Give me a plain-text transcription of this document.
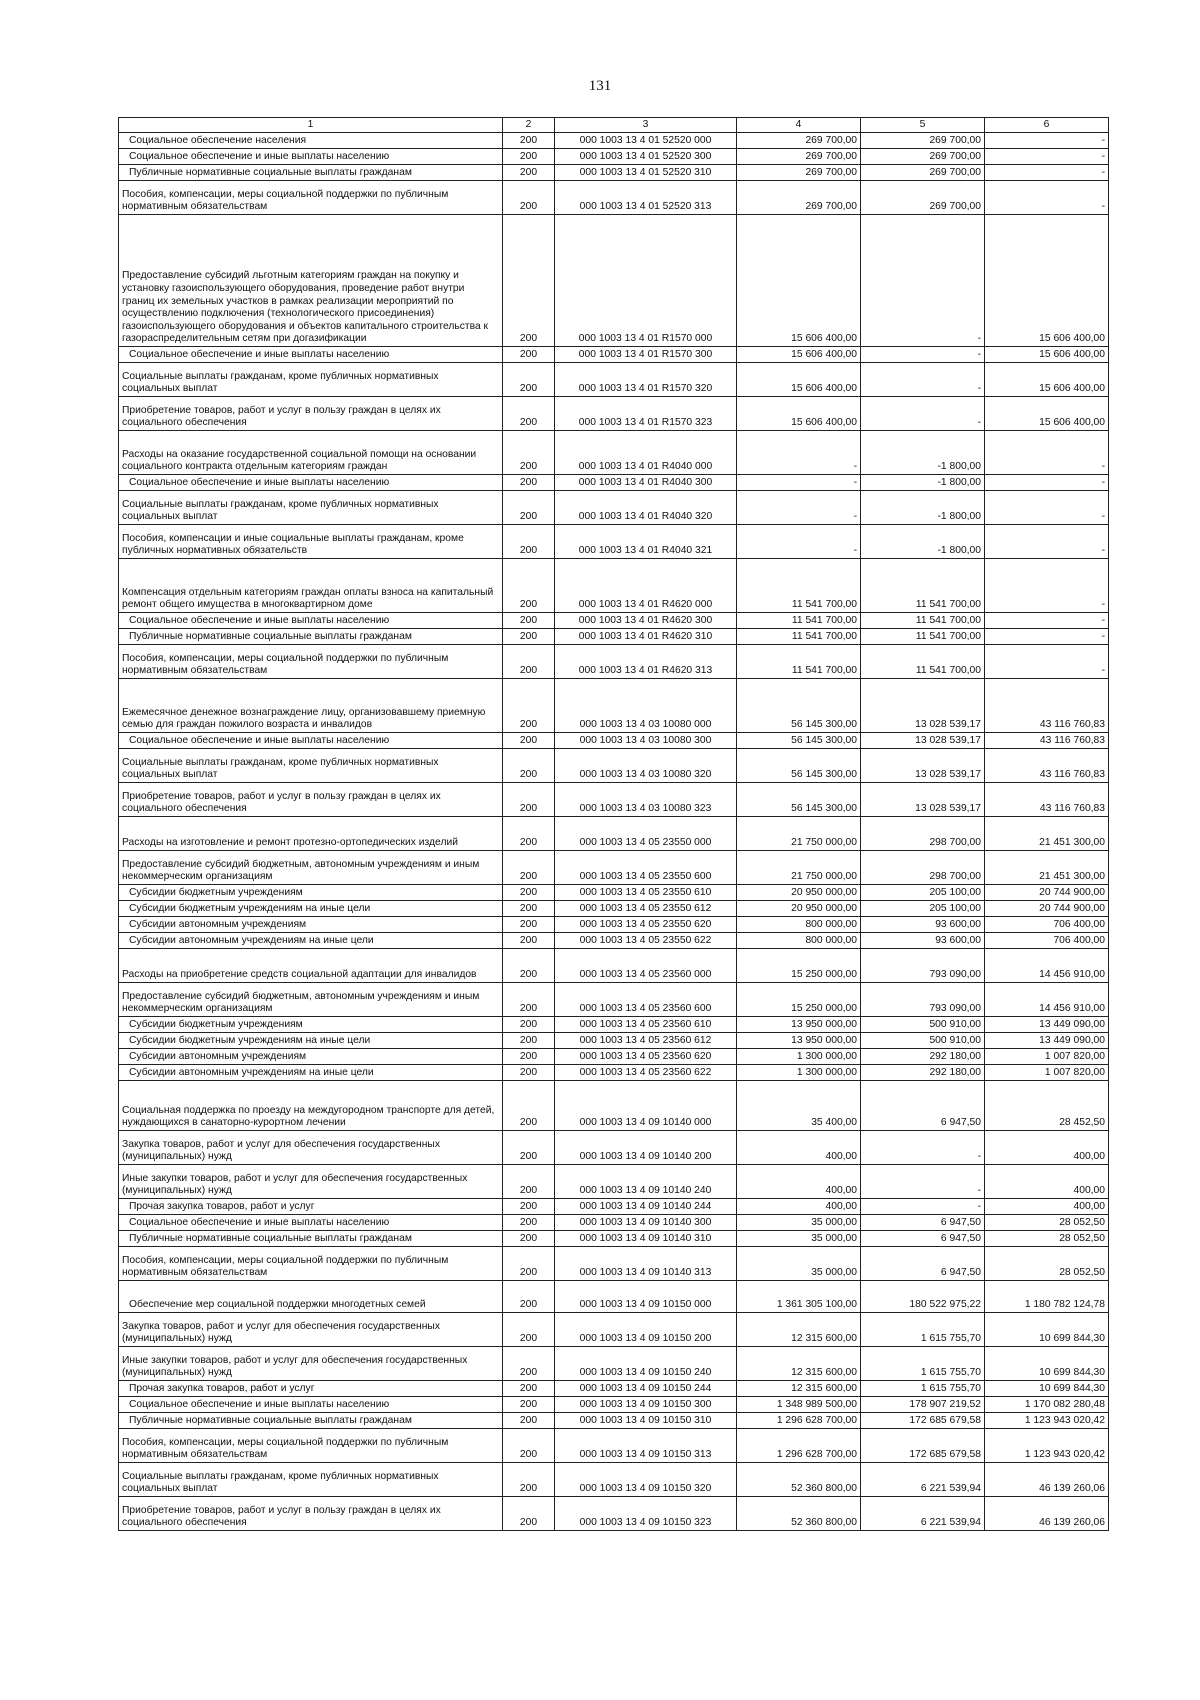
131
1	2	3	4	5	6
Социальное обеспечение населения	200	000 1003 13 4 01 52520 000	269 700,00	269 700,00	-
Социальное обеспечение и иные выплаты населению	200	000 1003 13 4 01 52520 300	269 700,00	269 700,00	-
Публичные нормативные социальные выплаты гражданам	200	000 1003 13 4 01 52520 310	269 700,00	269 700,00	-
Пособия, компенсации, меры социальной поддержки по публичным нормативным обязательствам	200	000 1003 13 4 01 52520 313	269 700,00	269 700,00	-
Предоставление субсидий льготным категориям граждан на покупку и установку газоиспользующего оборудования, проведение работ внутри границ их земельных участков в рамках реализации мероприятий по осуществлению подключения (технологического присоединения) газоиспользующего оборудования и объектов капитального строительства к газораспределительным сетям при догазификации	200	000 1003 13 4 01 R1570 000	15 606 400,00	-	15 606 400,00
Социальное обеспечение и иные выплаты населению	200	000 1003 13 4 01 R1570 300	15 606 400,00	-	15 606 400,00
Социальные выплаты гражданам, кроме публичных нормативных социальных выплат	200	000 1003 13 4 01 R1570 320	15 606 400,00	-	15 606 400,00
Приобретение товаров, работ и услуг в пользу граждан в целях их социального обеспечения	200	000 1003 13 4 01 R1570 323	15 606 400,00	-	15 606 400,00
Расходы на оказание государственной социальной помощи на основании социального контракта отдельным категориям граждан	200	000 1003 13 4 01 R4040 000	-	-1 800,00	-
Социальное обеспечение и иные выплаты населению	200	000 1003 13 4 01 R4040 300	-	-1 800,00	-
Социальные выплаты гражданам, кроме публичных нормативных социальных выплат	200	000 1003 13 4 01 R4040 320	-	-1 800,00	-
Пособия, компенсации и иные социальные выплаты гражданам, кроме публичных нормативных обязательств	200	000 1003 13 4 01 R4040 321	-	-1 800,00	-
Компенсация отдельным категориям граждан оплаты взноса на капитальный ремонт общего имущества в многоквартирном доме	200	000 1003 13 4 01 R4620 000	11 541 700,00	11 541 700,00	-
Социальное обеспечение и иные выплаты населению	200	000 1003 13 4 01 R4620 300	11 541 700,00	11 541 700,00	-
Публичные нормативные социальные выплаты гражданам	200	000 1003 13 4 01 R4620 310	11 541 700,00	11 541 700,00	-
Пособия, компенсации, меры социальной поддержки по публичным нормативным обязательствам	200	000 1003 13 4 01 R4620 313	11 541 700,00	11 541 700,00	-
Ежемесячное денежное вознаграждение лицу, организовавшему приемную семью для граждан пожилого возраста и инвалидов	200	000 1003 13 4 03 10080 000	56 145 300,00	13 028 539,17	43 116 760,83
Социальное обеспечение и иные выплаты населению	200	000 1003 13 4 03 10080 300	56 145 300,00	13 028 539,17	43 116 760,83
Социальные выплаты гражданам, кроме публичных нормативных социальных выплат	200	000 1003 13 4 03 10080 320	56 145 300,00	13 028 539,17	43 116 760,83
Приобретение товаров, работ и услуг в пользу граждан в целях их социального обеспечения	200	000 1003 13 4 03 10080 323	56 145 300,00	13 028 539,17	43 116 760,83
Расходы на изготовление и ремонт протезно-ортопедических изделий	200	000 1003 13 4 05 23550 000	21 750 000,00	298 700,00	21 451 300,00
Предоставление субсидий бюджетным, автономным учреждениям и иным некоммерческим организациям	200	000 1003 13 4 05 23550 600	21 750 000,00	298 700,00	21 451 300,00
Субсидии бюджетным учреждениям	200	000 1003 13 4 05 23550 610	20 950 000,00	205 100,00	20 744 900,00
Субсидии бюджетным учреждениям на иные цели	200	000 1003 13 4 05 23550 612	20 950 000,00	205 100,00	20 744 900,00
Субсидии автономным учреждениям	200	000 1003 13 4 05 23550 620	800 000,00	93 600,00	706 400,00
Субсидии автономным учреждениям на иные цели	200	000 1003 13 4 05 23550 622	800 000,00	93 600,00	706 400,00
Расходы на приобретение средств социальной адаптации для инвалидов	200	000 1003 13 4 05 23560 000	15 250 000,00	793 090,00	14 456 910,00
Предоставление субсидий бюджетным, автономным учреждениям и иным некоммерческим организациям	200	000 1003 13 4 05 23560 600	15 250 000,00	793 090,00	14 456 910,00
Субсидии бюджетным учреждениям	200	000 1003 13 4 05 23560 610	13 950 000,00	500 910,00	13 449 090,00
Субсидии бюджетным учреждениям на иные цели	200	000 1003 13 4 05 23560 612	13 950 000,00	500 910,00	13 449 090,00
Субсидии автономным учреждениям	200	000 1003 13 4 05 23560 620	1 300 000,00	292 180,00	1 007 820,00
Субсидии автономным учреждениям на иные цели	200	000 1003 13 4 05 23560 622	1 300 000,00	292 180,00	1 007 820,00
Социальная поддержка по проезду на междугородном транспорте для детей, нуждающихся в санаторно-курортном лечении	200	000 1003 13 4 09 10140 000	35 400,00	6 947,50	28 452,50
Закупка товаров, работ и услуг для обеспечения государственных (муниципальных) нужд	200	000 1003 13 4 09 10140 200	400,00	-	400,00
Иные закупки товаров, работ и услуг для обеспечения государственных (муниципальных) нужд	200	000 1003 13 4 09 10140 240	400,00	-	400,00
Прочая закупка товаров, работ и услуг	200	000 1003 13 4 09 10140 244	400,00	-	400,00
Социальное обеспечение и иные выплаты населению	200	000 1003 13 4 09 10140 300	35 000,00	6 947,50	28 052,50
Публичные нормативные социальные выплаты гражданам	200	000 1003 13 4 09 10140 310	35 000,00	6 947,50	28 052,50
Пособия, компенсации, меры социальной поддержки по публичным нормативным обязательствам	200	000 1003 13 4 09 10140 313	35 000,00	6 947,50	28 052,50
Обеспечение мер социальной поддержки многодетных семей	200	000 1003 13 4 09 10150 000	1 361 305 100,00	180 522 975,22	1 180 782 124,78
Закупка товаров, работ и услуг для обеспечения государственных (муниципальных) нужд	200	000 1003 13 4 09 10150 200	12 315 600,00	1 615 755,70	10 699 844,30
Иные закупки товаров, работ и услуг для обеспечения государственных (муниципальных) нужд	200	000 1003 13 4 09 10150 240	12 315 600,00	1 615 755,70	10 699 844,30
Прочая закупка товаров, работ и услуг	200	000 1003 13 4 09 10150 244	12 315 600,00	1 615 755,70	10 699 844,30
Социальное обеспечение и иные выплаты населению	200	000 1003 13 4 09 10150 300	1 348 989 500,00	178 907 219,52	1 170 082 280,48
Публичные нормативные социальные выплаты гражданам	200	000 1003 13 4 09 10150 310	1 296 628 700,00	172 685 679,58	1 123 943 020,42
Пособия, компенсации, меры социальной поддержки по публичным нормативным обязательствам	200	000 1003 13 4 09 10150 313	1 296 628 700,00	172 685 679,58	1 123 943 020,42
Социальные выплаты гражданам, кроме публичных нормативных социальных выплат	200	000 1003 13 4 09 10150 320	52 360 800,00	6 221 539,94	46 139 260,06
Приобретение товаров, работ и услуг в пользу граждан в целях их социального обеспечения	200	000 1003 13 4 09 10150 323	52 360 800,00	6 221 539,94	46 139 260,06
